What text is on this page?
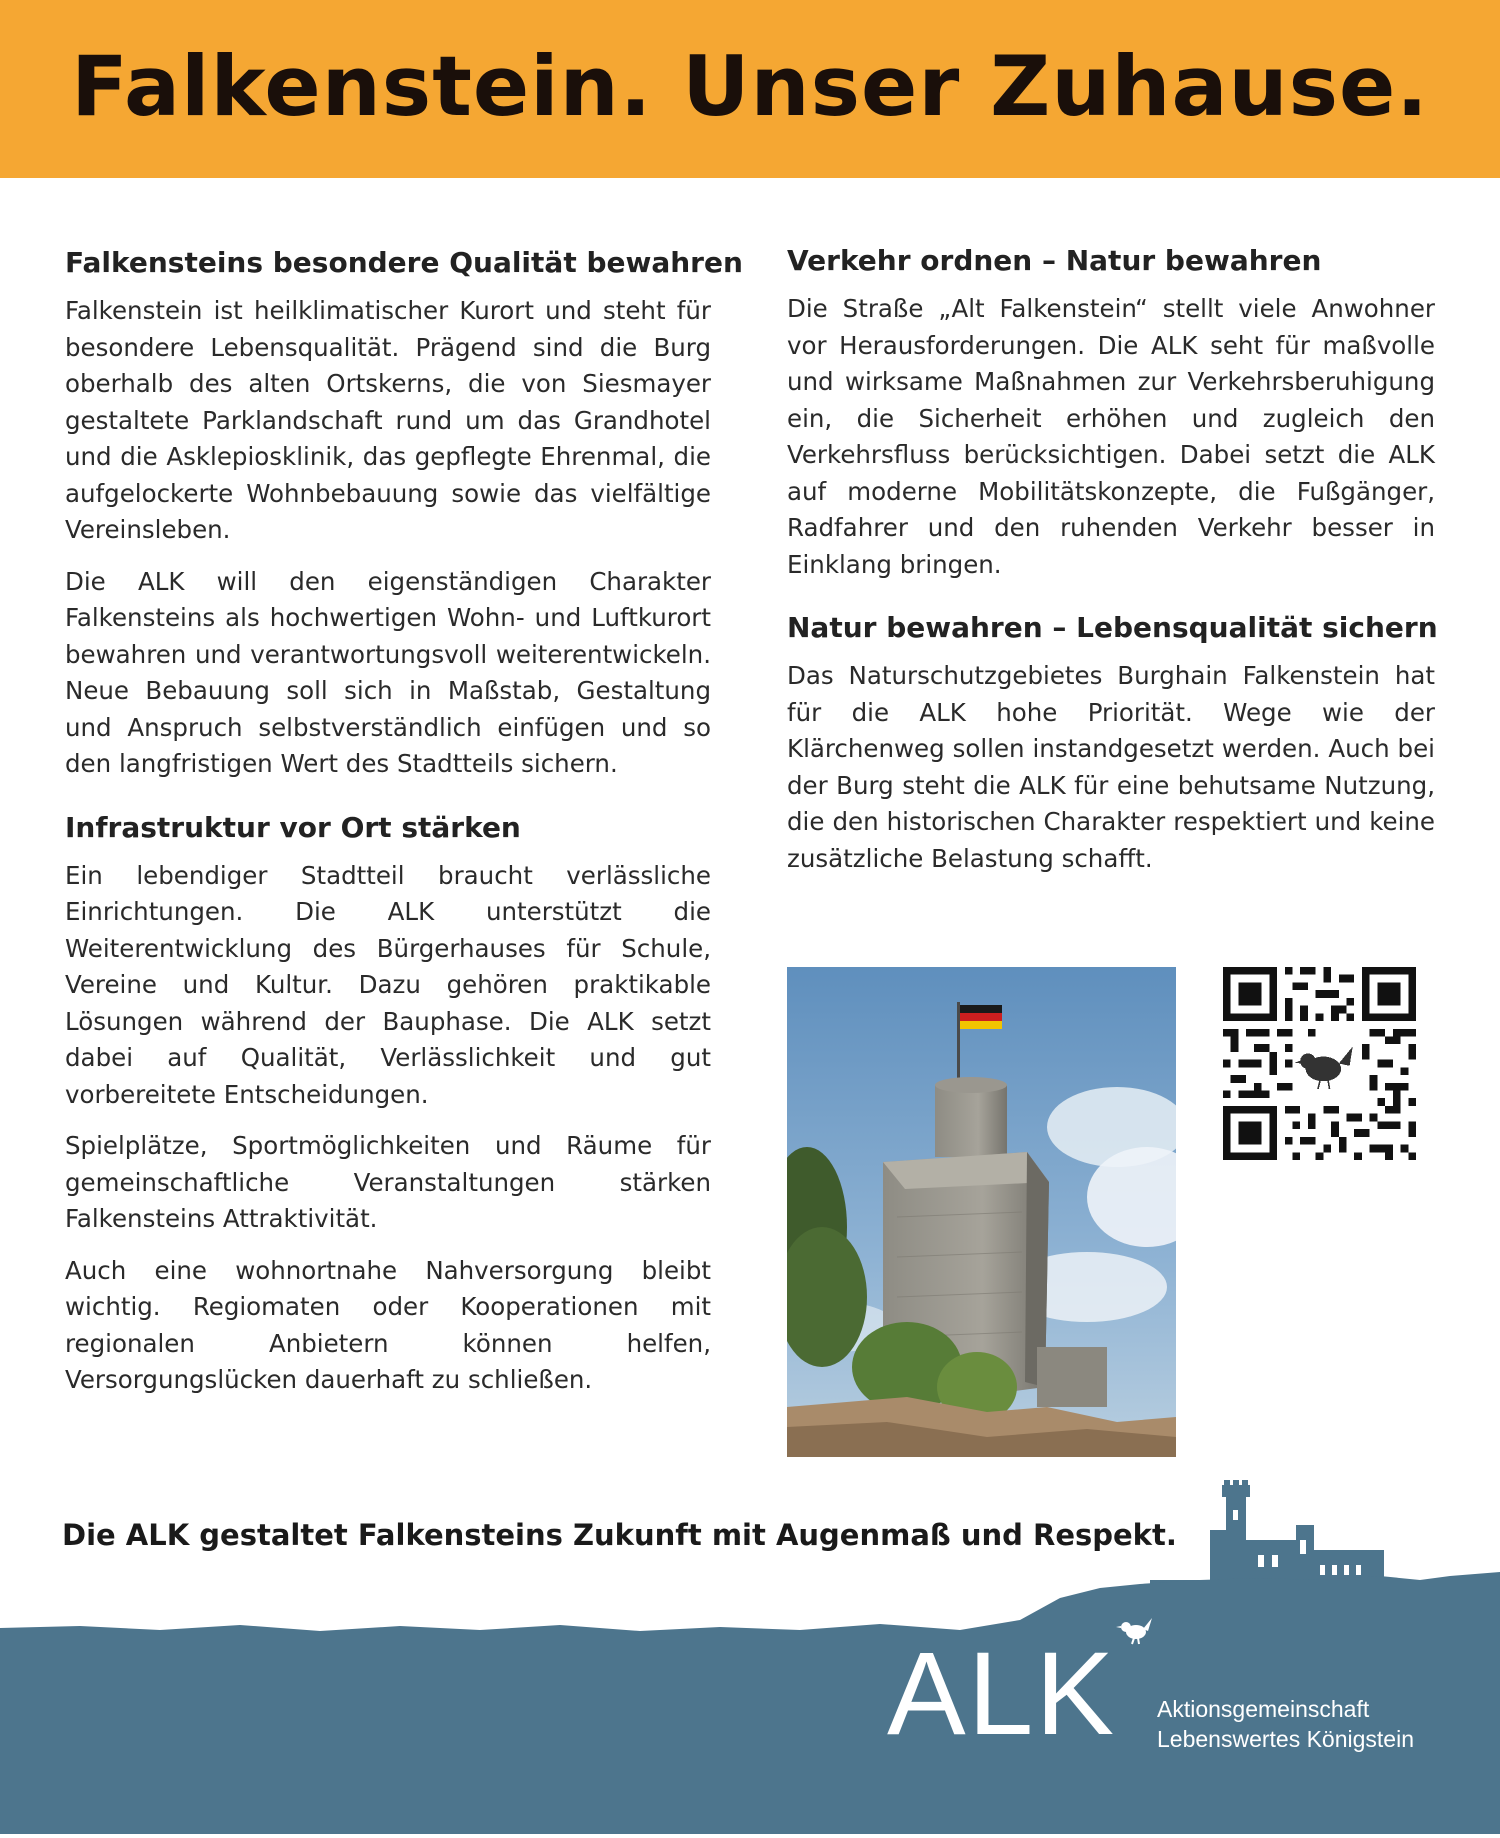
Falkenstein. Unser Zuhause.
Falkensteins besondere Qualität bewahren

Falkenstein ist heilklimatischer Kurort und steht für besondere Lebensqualität. Prägend sind die Burg oberhalb des alten Ortskerns, die von Siesmayer gestaltete Parklandschaft rund um das Grandhotel und die Asklepiosklinik, das gepflegte Ehrenmal, die aufgelockerte Wohnbebauung sowie das vielfältige Vereinsleben.

Die ALK will den eigenständigen Charakter Falkensteins als hochwertigen Wohn- und Luftkurort bewahren und verantwortungsvoll weiterentwickeln. Neue Bebauung soll sich in Maßstab, Gestaltung und Anspruch selbstverständlich einfügen und so den langfristigen Wert des Stadtteils sichern.

Infrastruktur vor Ort stärken

Ein lebendiger Stadtteil braucht verlässliche Einrichtungen. Die ALK unterstützt die Weiterentwicklung des Bürgerhauses für Schule, Vereine und Kultur. Dazu gehören praktikable Lösungen während der Bauphase. Die ALK setzt dabei auf Qualität, Verlässlichkeit und gut vorbereitete Entscheidungen.

Spielplätze, Sportmöglichkeiten und Räume für gemeinschaftliche Veranstaltungen stärken Falkensteins Attraktivität.

Auch eine wohnortnahe Nahversorgung bleibt wichtig. Regiomaten oder Kooperationen mit regionalen Anbietern können helfen, Versorgungslücken dauerhaft zu schließen.

Verkehr ordnen – Natur bewahren

Die Straße „Alt Falkenstein“ stellt viele Anwohner vor Herausforderungen. Die ALK seht für maßvolle und wirksame Maßnahmen zur Verkehrsberuhigung ein, die Sicherheit erhöhen und zugleich den Verkehrsfluss berücksichtigen. Dabei setzt die ALK auf moderne Mobilitätskonzepte, die Fußgänger, Radfahrer und den ruhenden Verkehr besser in Einklang bringen.

Natur bewahren – Lebensqualität sichern

Das Naturschutzgebietes Burghain Falkenstein hat für die ALK hohe Priorität. Wege wie der Klärchenweg sollen instandgesetzt werden. Auch bei der Burg steht die ALK für eine behutsame Nutzung, die den historischen Charakter respektiert und keine zusätzliche Belastung schafft.

Die ALK gestaltet Falkensteins Zukunft mit Augenmaß und Respekt.

ALK Aktionsgemeinschaft
Lebenswertes Königstein
